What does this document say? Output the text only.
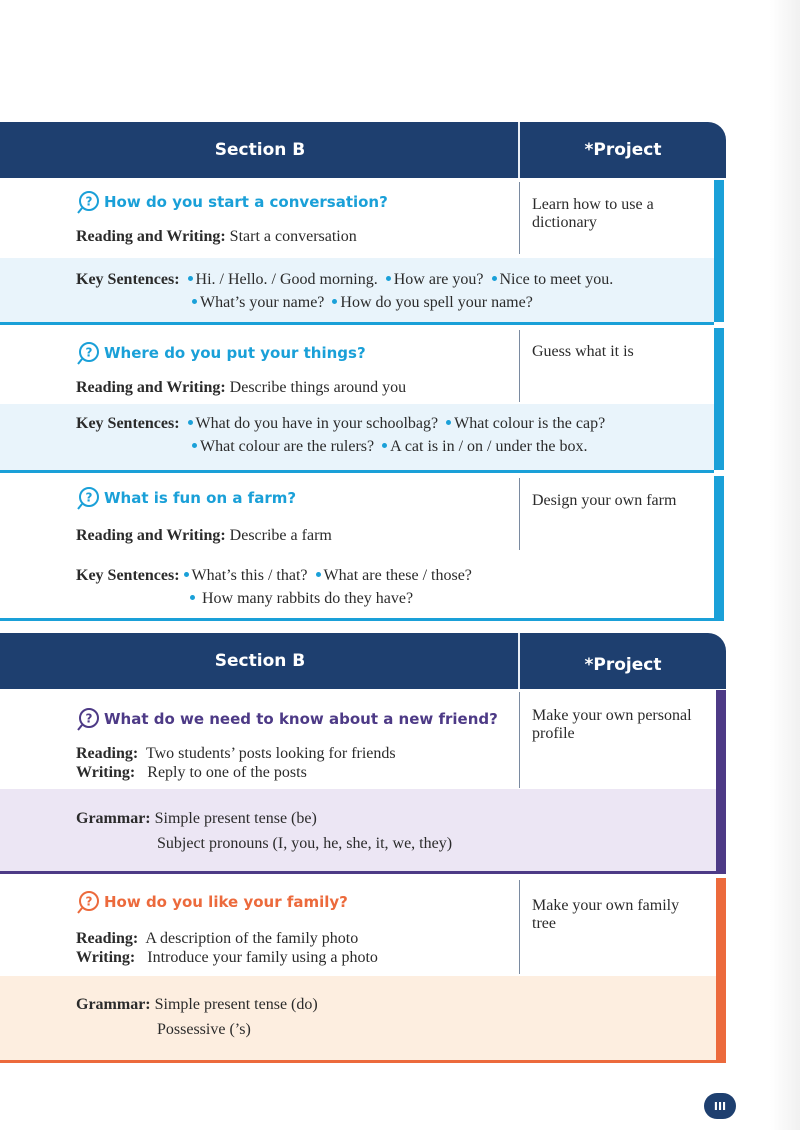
Section B	*Project
? How do you start a conversation?
Reading and Writing: Start a conversation
Learn how to use a dictionary
Key Sentences: Hi. / Hello. / Good morning. How are you? Nice to meet you.
What’s your name? How do you spell your name?
? Where do you put your things?
Reading and Writing: Describe things around you
Guess what it is
Key Sentences: What do you have in your schoolbag? What colour is the cap?
What colour are the rulers? A cat is in / on / under the box.
? What is fun on a farm?
Reading and Writing: Describe a farm
Design your own farm
Key Sentences: What’s this / that? What are these / those?
How many rabbits do they have?
Section B	*Project
? What do we need to know about a new friend?
Reading: Two students’ posts looking for friends
Writing: Reply to one of the posts
Make your own personal profile
Grammar: Simple present tense (be)
Subject pronouns (I, you, he, she, it, we, they)
? How do you like your family?
Reading: A description of the family photo
Writing: Introduce your family using a photo
Make your own family tree
Grammar: Simple present tense (do)
Possessive (’s)
III
